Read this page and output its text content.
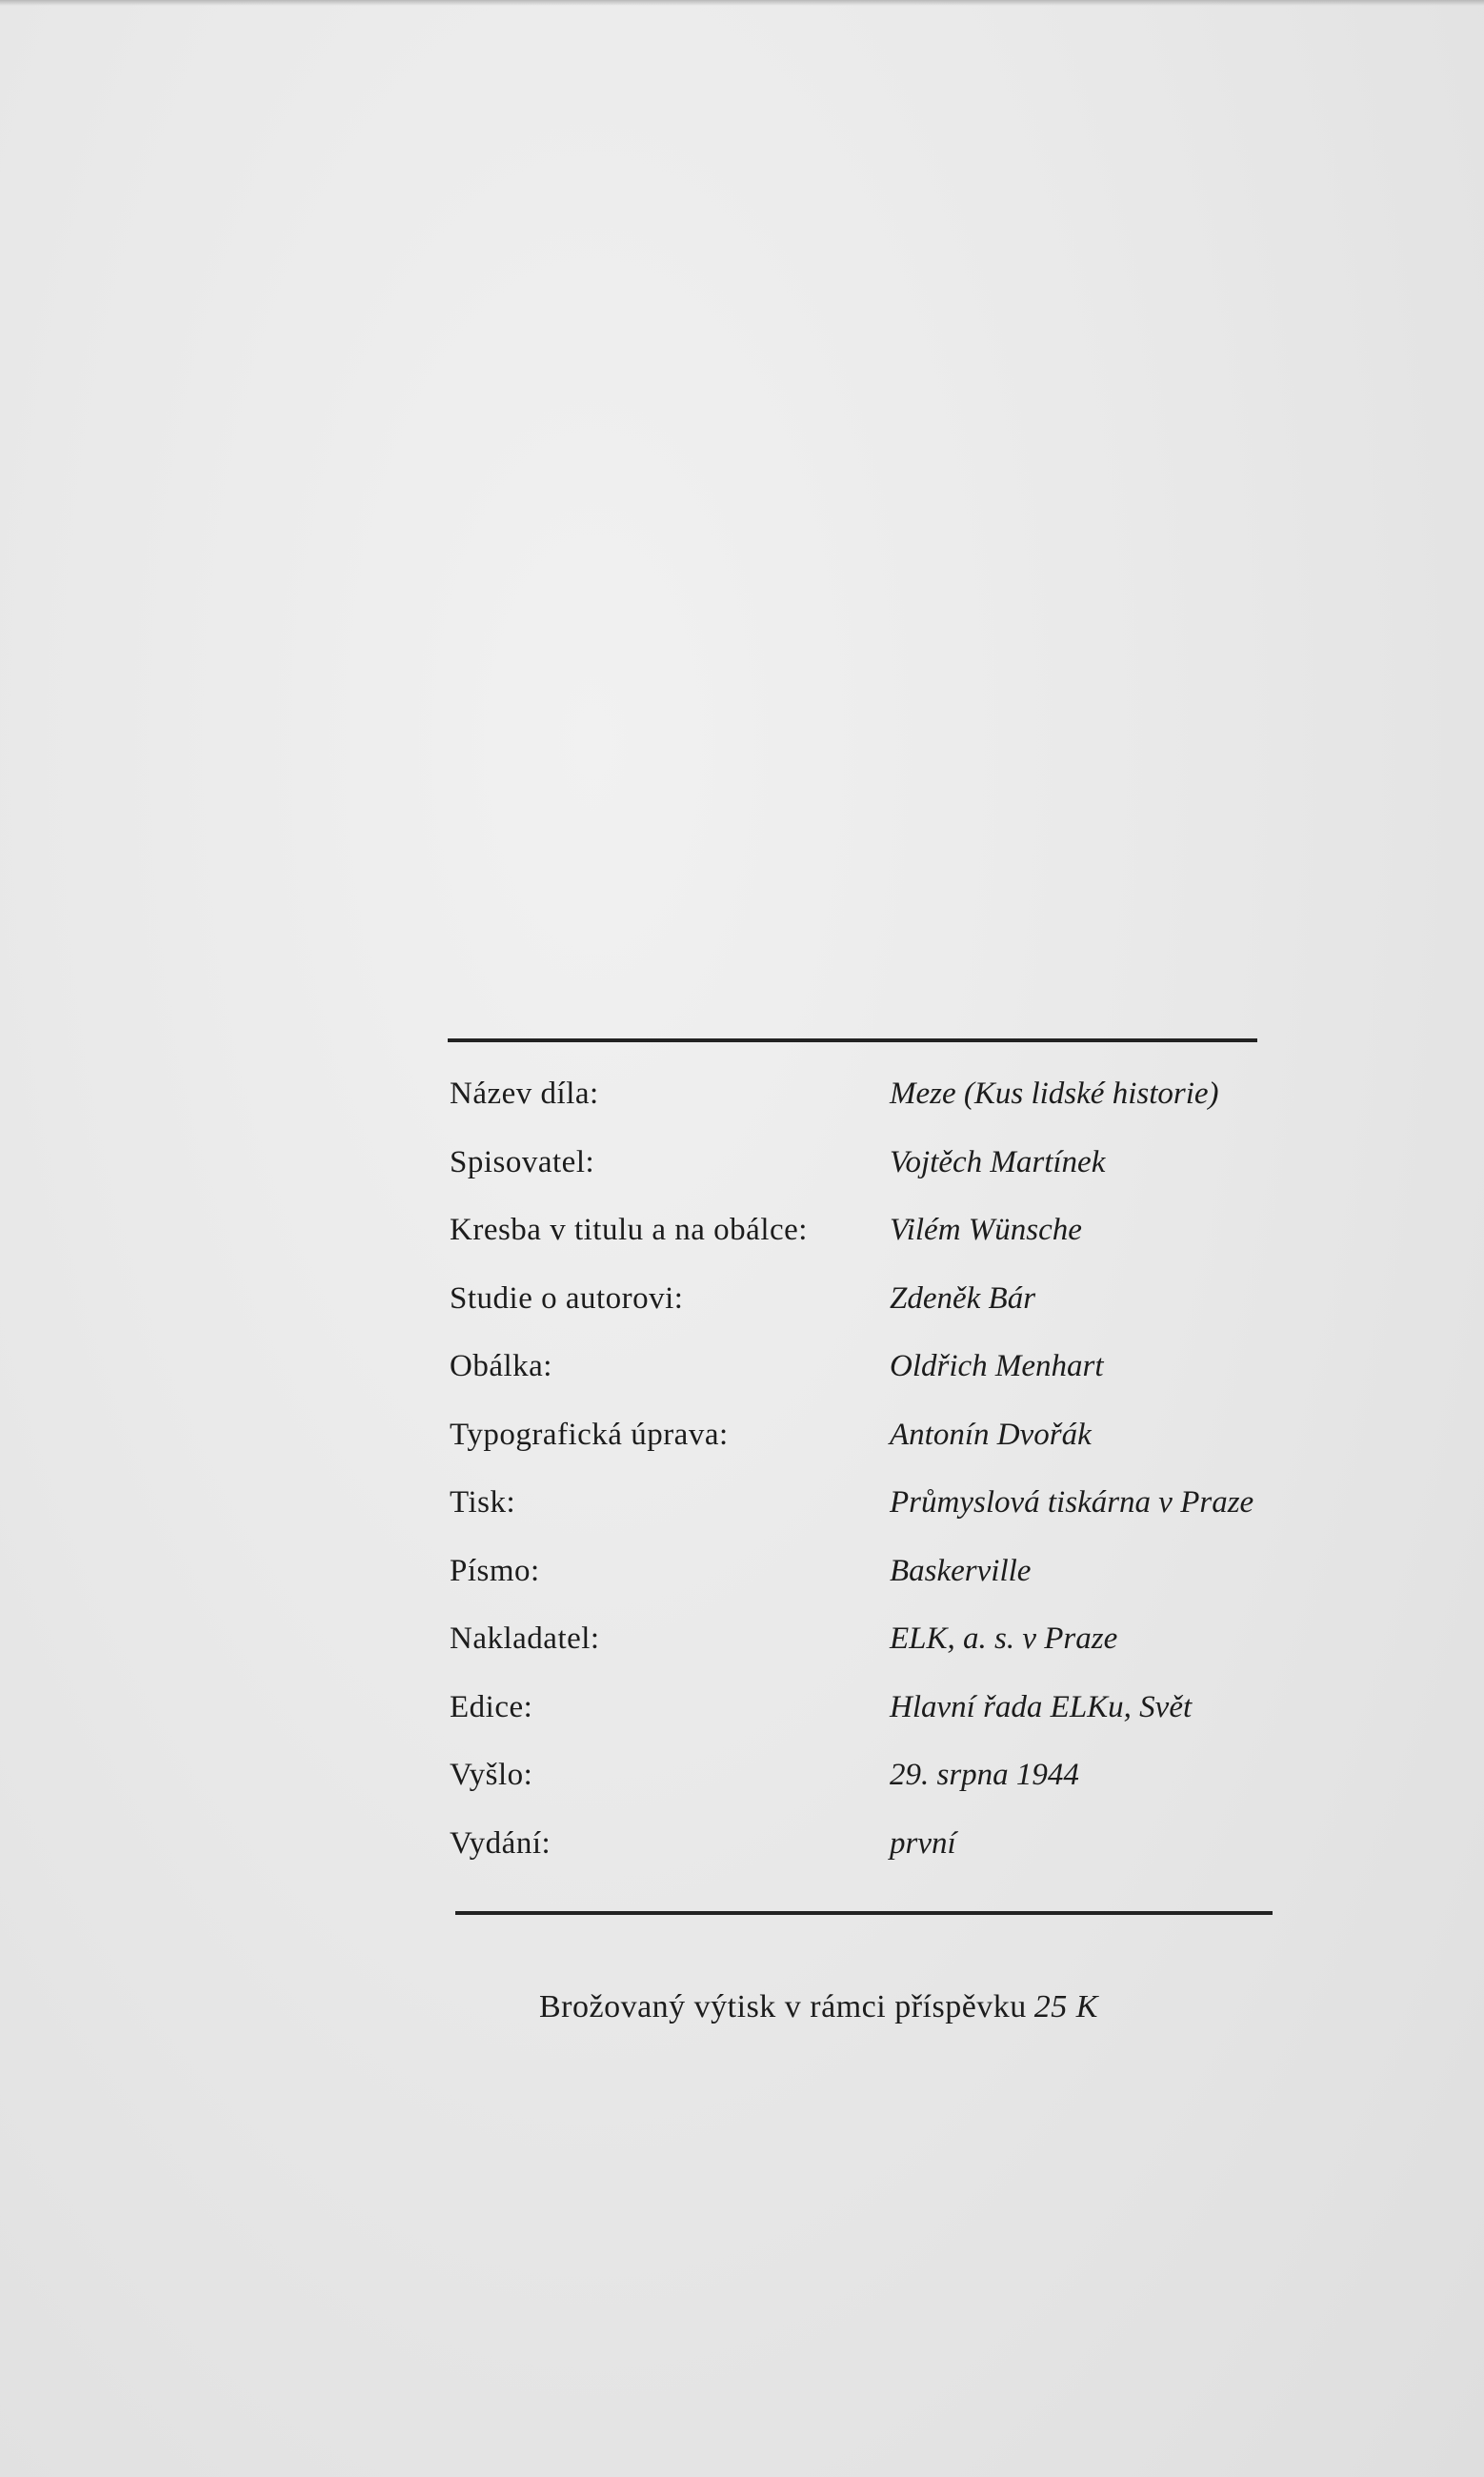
Název díla:	Meze (Kus lidské historie)
Spisovatel:	Vojtěch Martínek
Kresba v titulu a na obálce:	Vilém Wünsche
Studie o autorovi:	Zdeněk Bár
Obálka:	Oldřich Menhart
Typografická úprava:	Antonín Dvořák
Tisk:	Průmyslová tiskárna v Praze
Písmo:	Baskerville
Nakladatel:	ELK, a. s. v Praze
Edice:	Hlavní řada ELKu, Svět
Vyšlo:	29. srpna 1944
Vydání:	první
Brožovaný výtisk v rámci příspěvku 25 K
